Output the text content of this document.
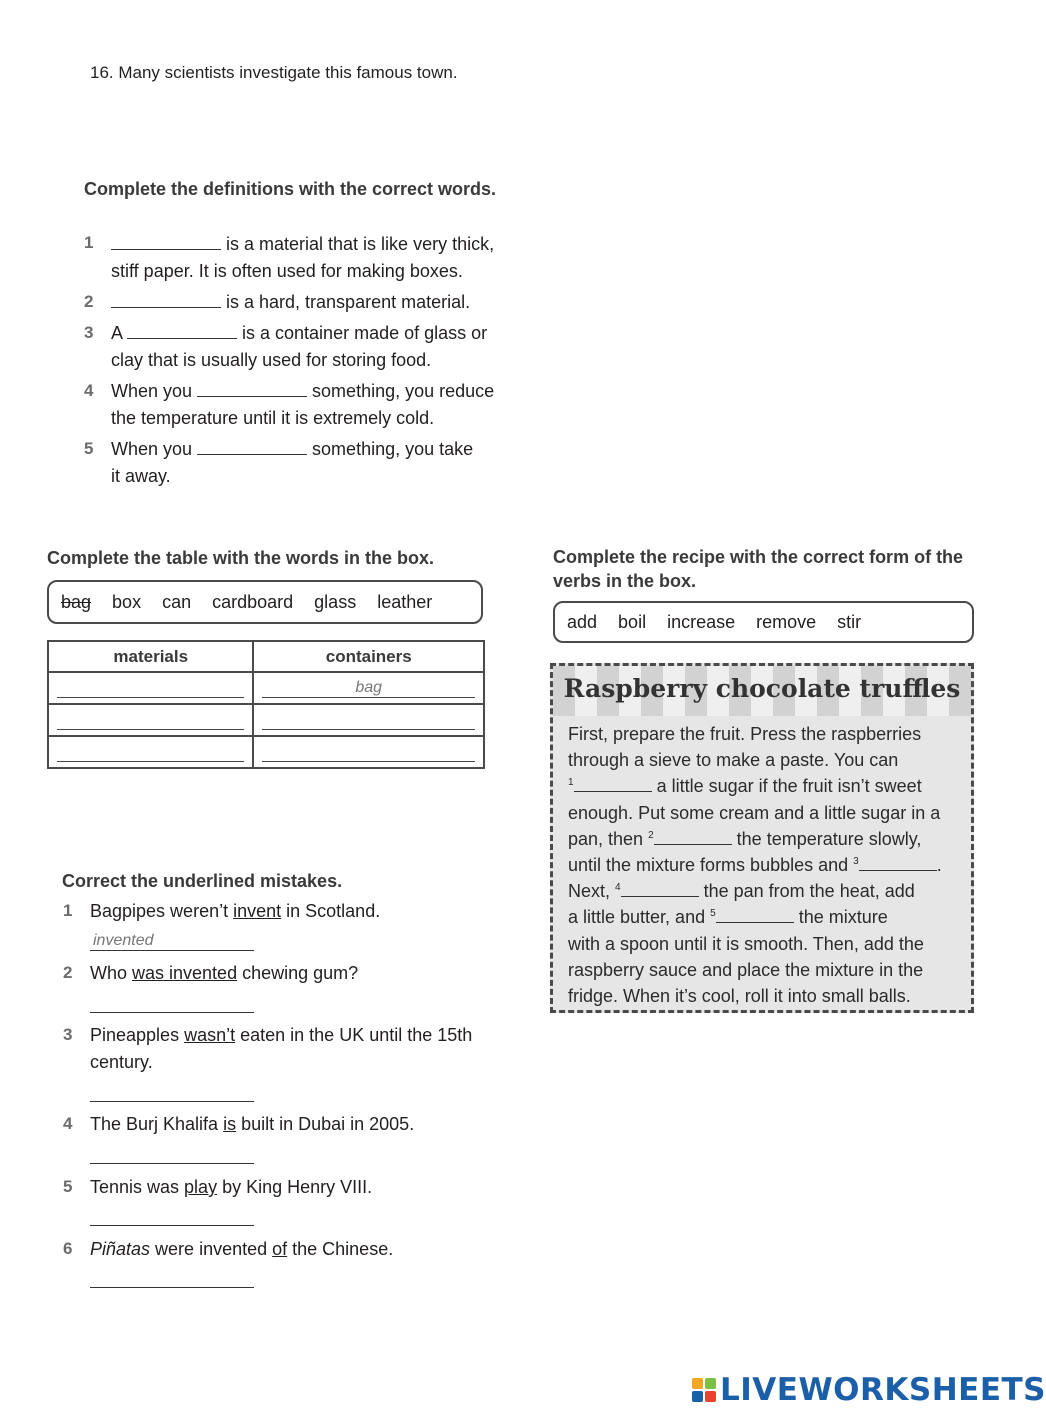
16. Many scientists investigate this famous town.
Complete the definitions with the correct words.
1	is a material that is like very thick,
stiff paper. It is often used for making boxes.
2	is a hard, transparent material.
3 A	is a container made of glass or
clay that is usually used for storing food.
4 When you	something, you reduce
the temperature until it is extremely cold.
5 When you	something, you take
it away.
Complete the table with the words in the box.
bag box can cardboard glass leather
materials	containers

	bag

Complete the recipe with the correct form of the verbs in the box.
add boil increase remove stir
Raspberry chocolate truffles
First, prepare the fruit. Press the raspberries
through a sieve to make a paste. You can
$^1$	a little sugar if the fruit isn’t sweet
enough. Put some cream and a little sugar in a
pan, then $^2$	the temperature slowly,
until the mixture forms bubbles and $^3$	.
Next, $^4$	the pan from the heat, add
a little butter, and $^5$	the mixture
with a spoon until it is smooth. Then, add the
raspberry sauce and place the mixture in the
fridge. When it’s cool, roll it into small balls.
Correct the underlined mistakes.
1 Bagpipes weren’t invent in Scotland.
invented
2 Who was invented chewing gum?
3 Pineapples wasn’t eaten in the UK until the 15th
century.
4 The Burj Khalifa is built in Dubai in 2005.
5 Tennis was play by King Henry VIII.
6 Piñatas were invented of the Chinese.
LIVEWORKSHEETS
